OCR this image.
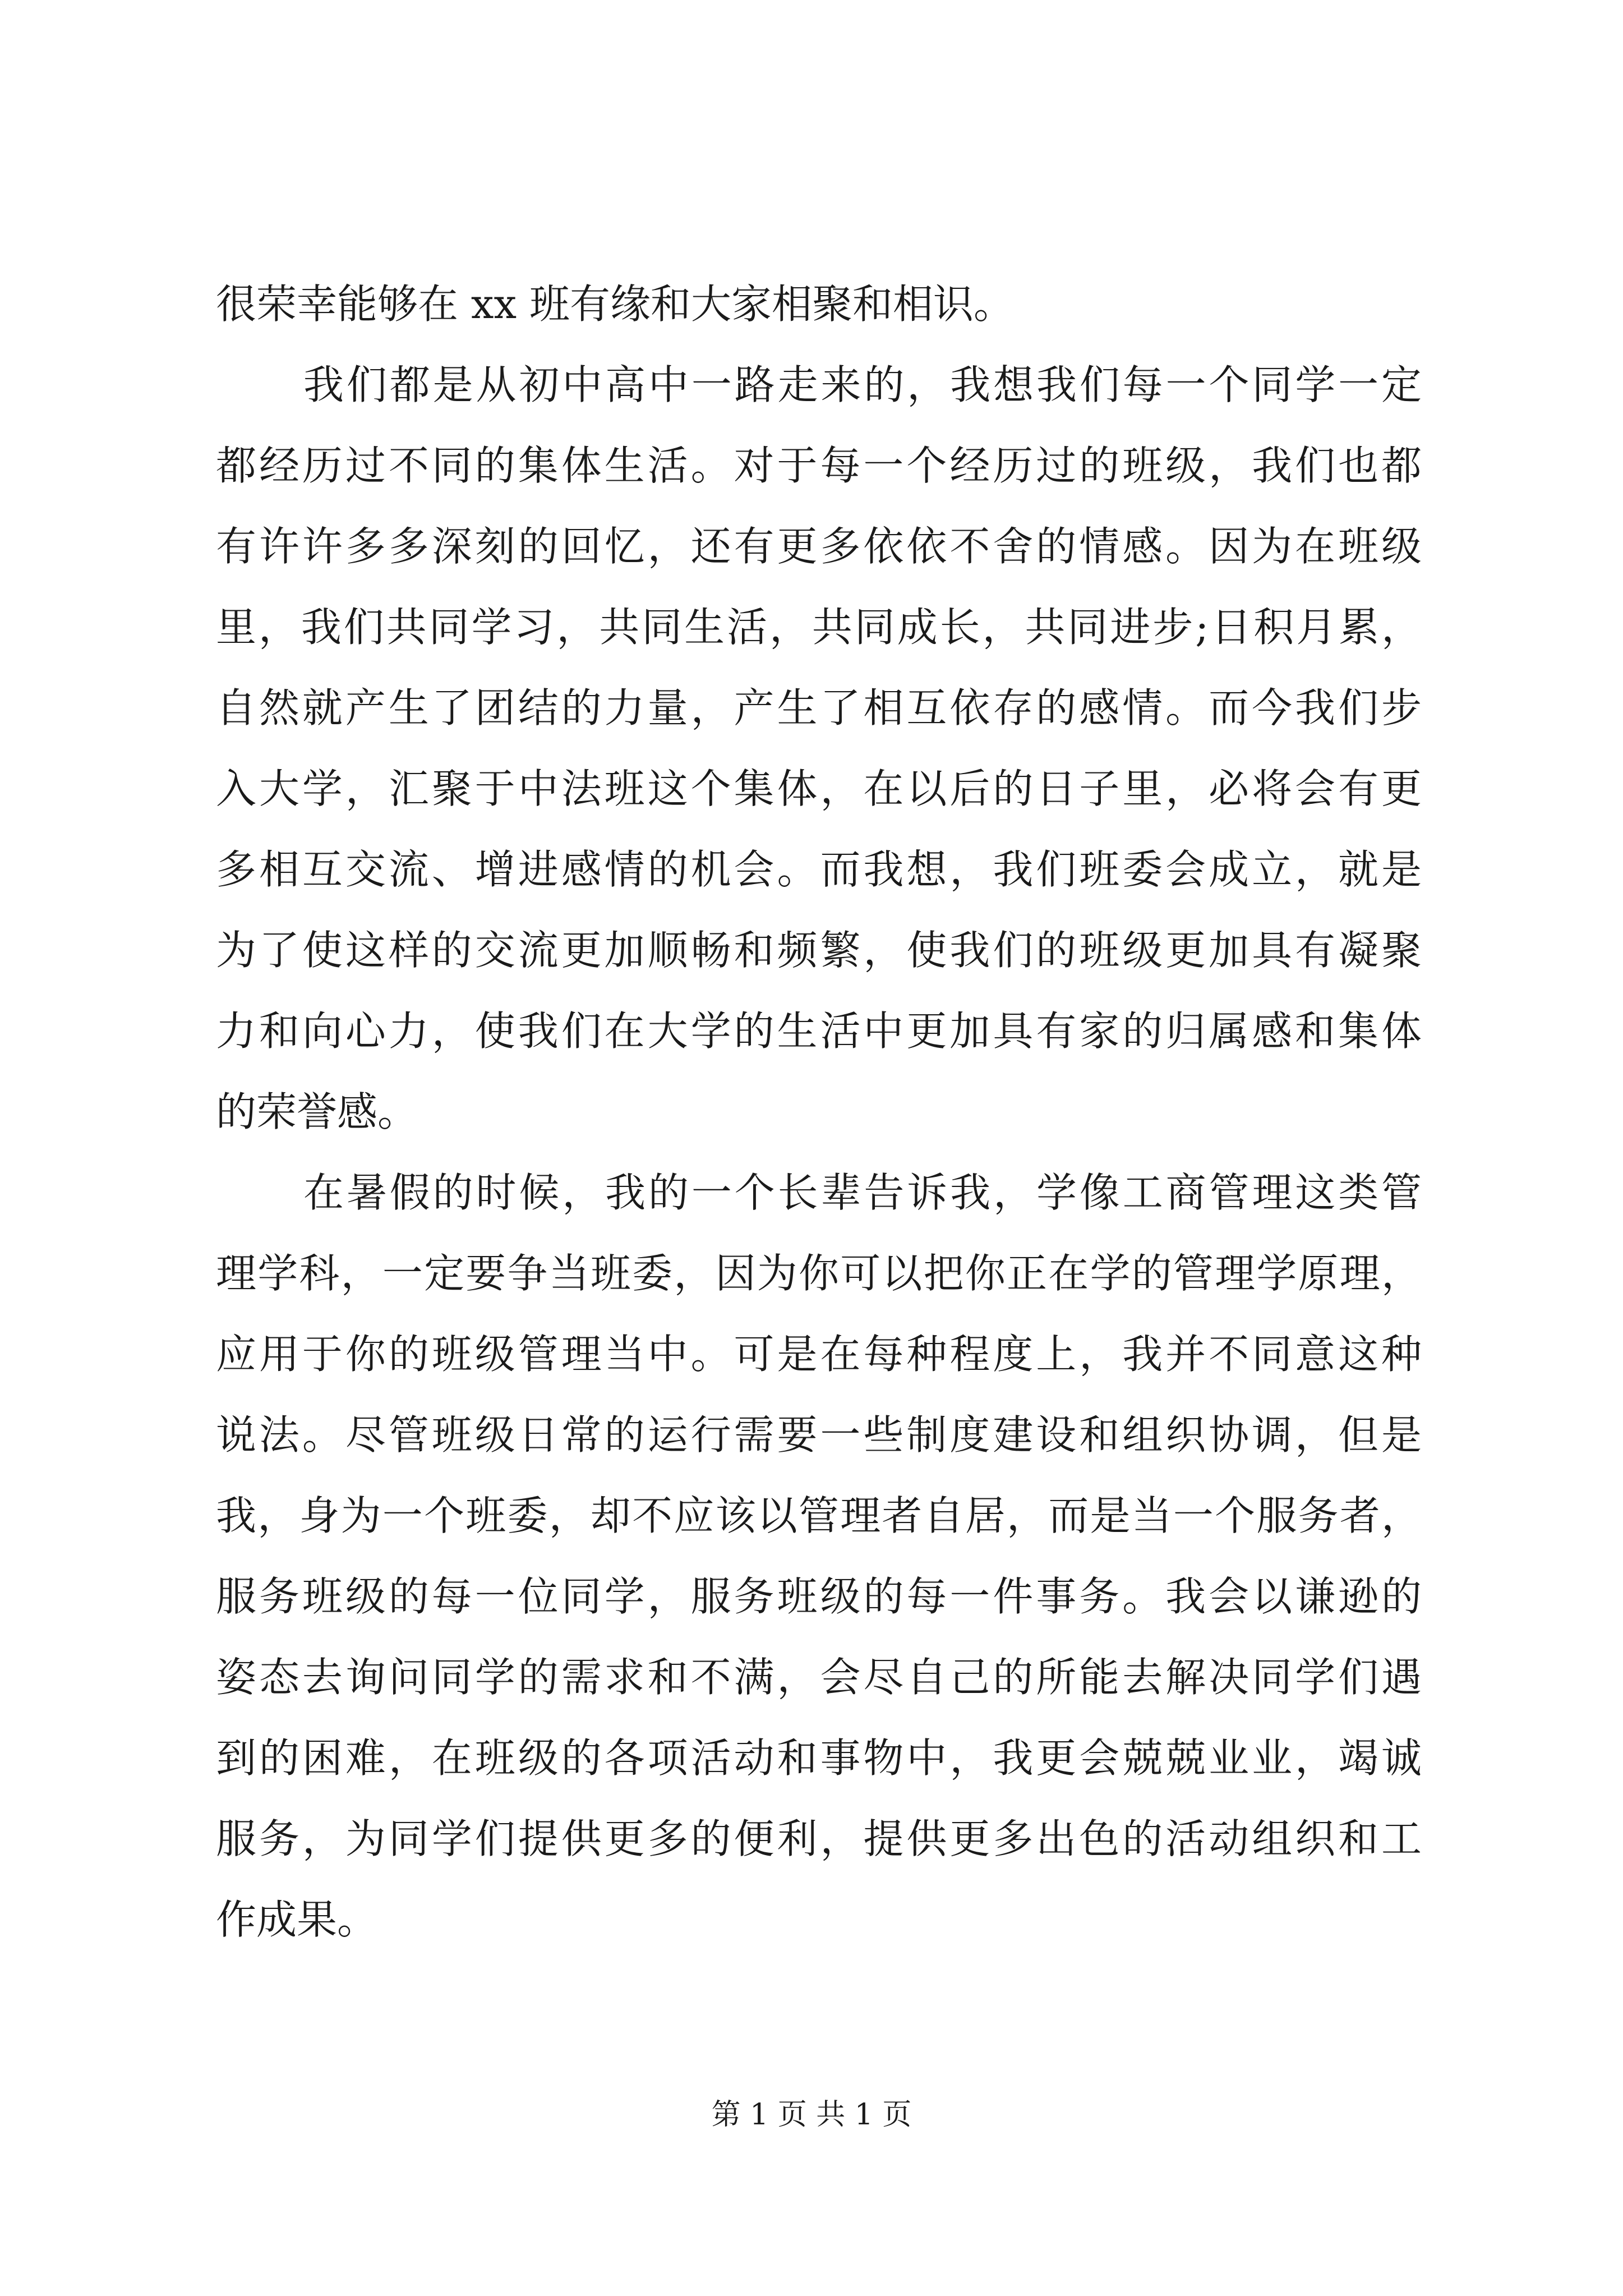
很荣幸能够在 xx 班有缘和大家相聚和相识。
我们都是从初中高中一路走来的，我想我们每一个同学一定
都经历过不同的集体生活。对于每一个经历过的班级，我们也都
有许许多多深刻的回忆，还有更多依依不舍的情感。因为在班级
里，我们共同学习，共同生活，共同成长，共同进步;日积月累，
自然就产生了团结的力量，产生了相互依存的感情。而今我们步
入大学，汇聚于中法班这个集体，在以后的日子里，必将会有更
多相互交流、增进感情的机会。而我想，我们班委会成立，就是
为了使这样的交流更加顺畅和频繁，使我们的班级更加具有凝聚
力和向心力，使我们在大学的生活中更加具有家的归属感和集体
的荣誉感。
在暑假的时候，我的一个长辈告诉我，学像工商管理这类管
理学科，一定要争当班委，因为你可以把你正在学的管理学原理，
应用于你的班级管理当中。可是在每种程度上，我并不同意这种
说法。尽管班级日常的运行需要一些制度建设和组织协调，但是
我，身为一个班委，却不应该以管理者自居，而是当一个服务者，
服务班级的每一位同学，服务班级的每一件事务。我会以谦逊的
姿态去询问同学的需求和不满，会尽自己的所能去解决同学们遇
到的困难，在班级的各项活动和事物中，我更会兢兢业业，竭诚
服务，为同学们提供更多的便利，提供更多出色的活动组织和工
作成果。
第 1 页 共 1 页
